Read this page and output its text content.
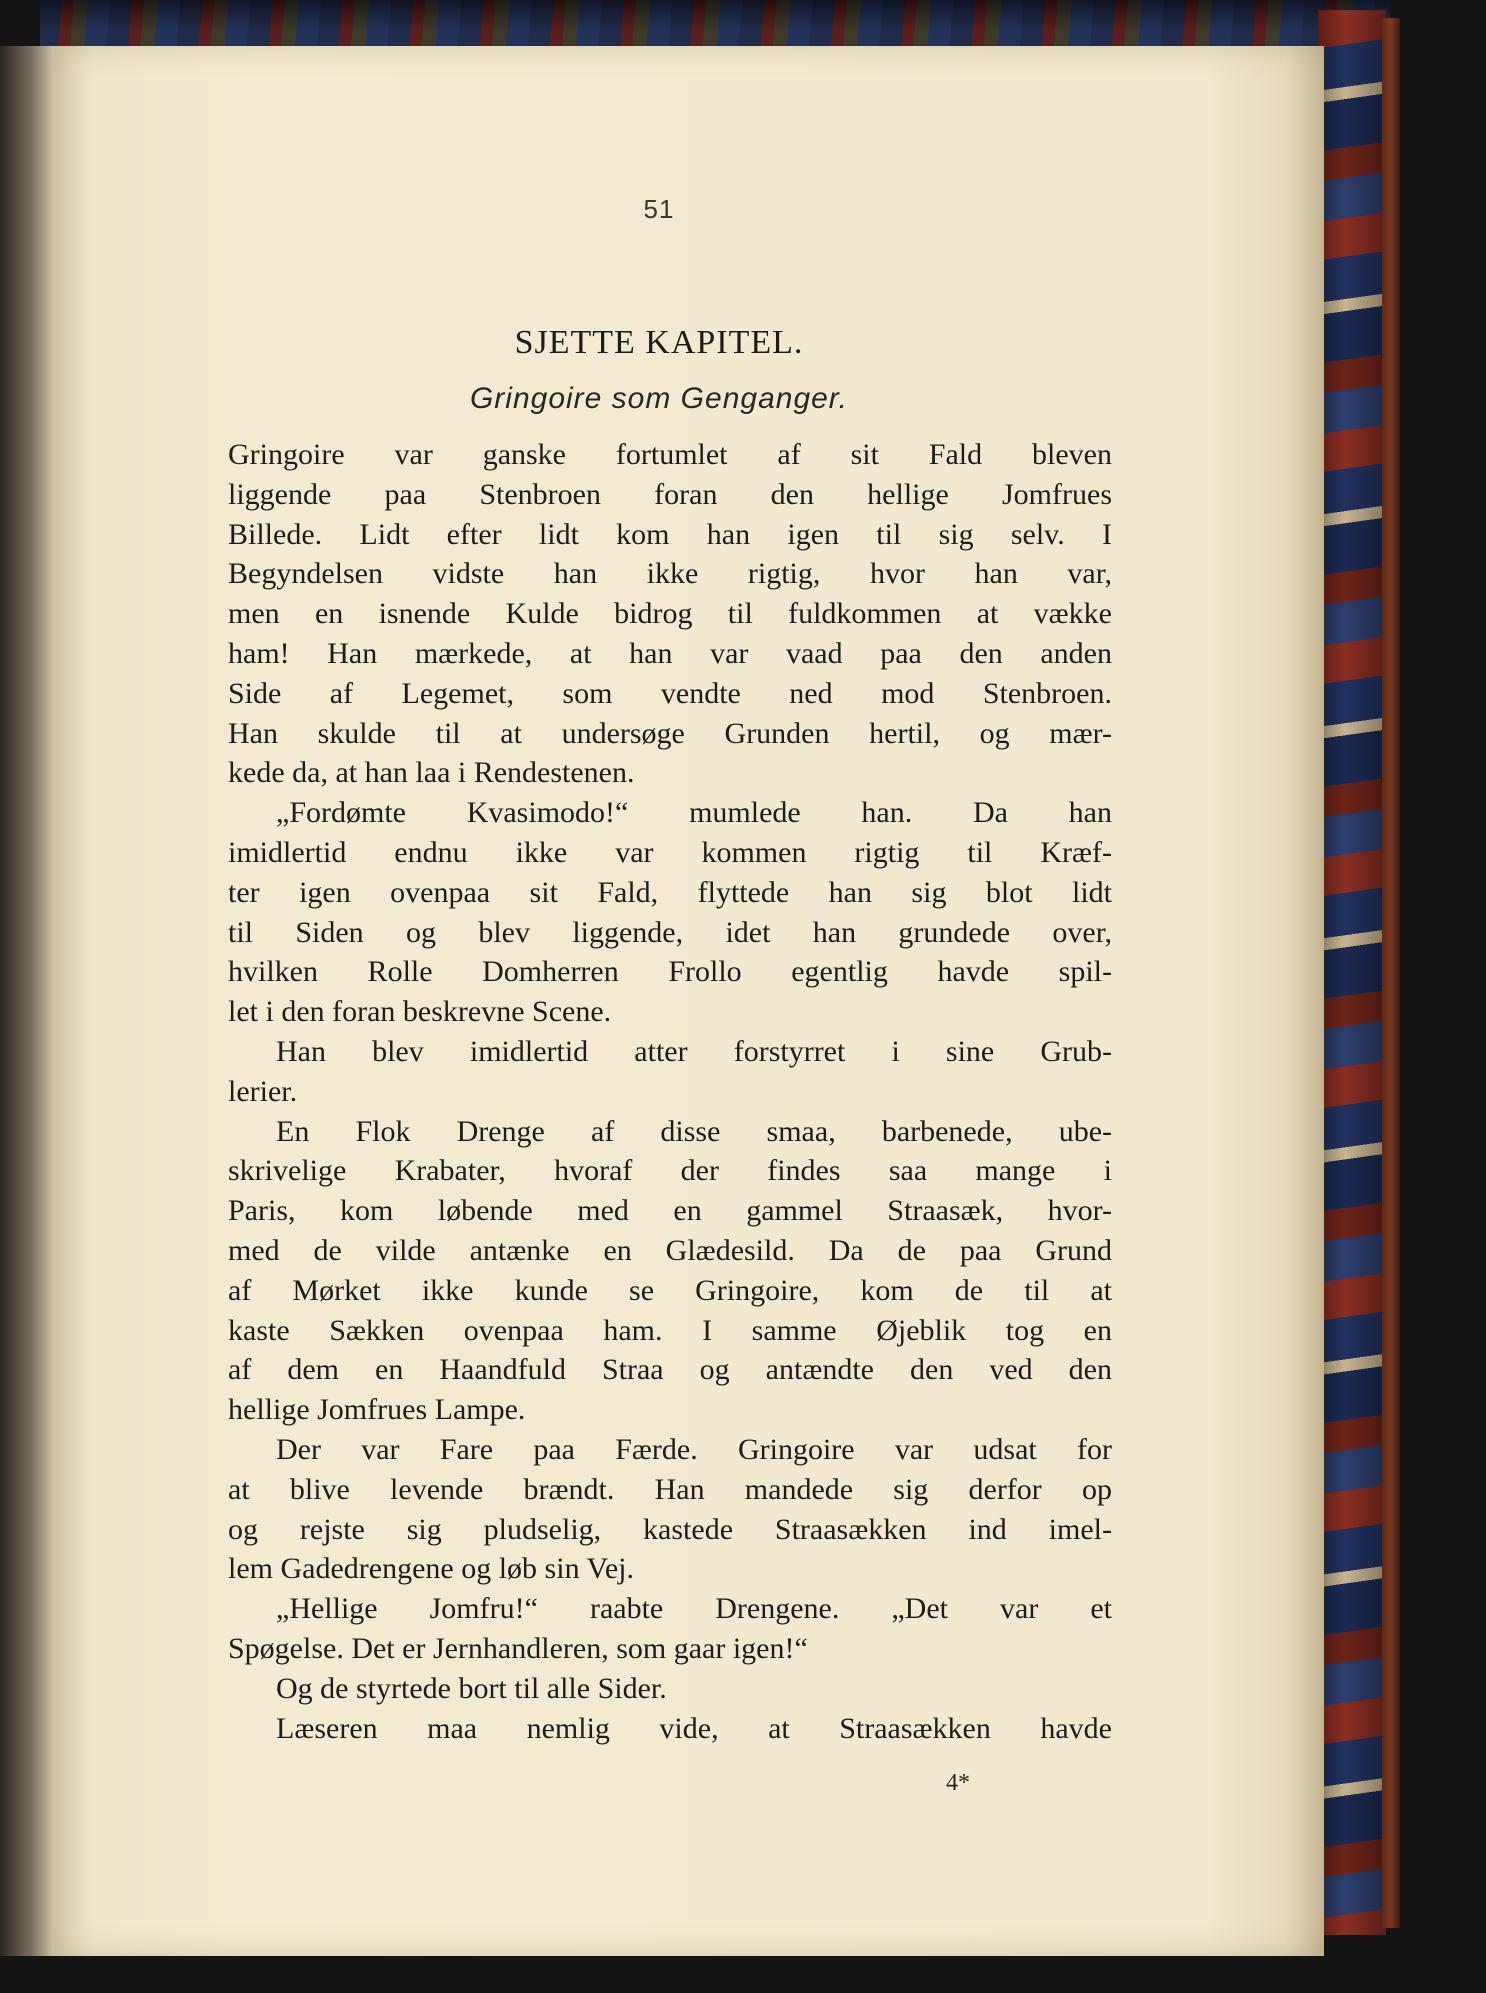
51
SJETTE KAPITEL.
Gringoire som Genganger.
Gringoire var ganske fortumlet af sit Fald bleven
liggende paa Stenbroen foran den hellige Jomfrues
Billede. Lidt efter lidt kom han igen til sig selv. I
Begyndelsen vidste han ikke rigtig, hvor han var,
men en isnende Kulde bidrog til fuldkommen at vække
ham! Han mærkede, at han var vaad paa den anden
Side af Legemet, som vendte ned mod Stenbroen.
Han skulde til at undersøge Grunden hertil, og mær-
kede da, at han laa i Rendestenen.
„Fordømte Kvasimodo!“ mumlede han. Da han
imidlertid endnu ikke var kommen rigtig til Kræf-
ter igen ovenpaa sit Fald, flyttede han sig blot lidt
til Siden og blev liggende, idet han grundede over,
hvilken Rolle Domherren Frollo egentlig havde spil-
let i den foran beskrevne Scene.
Han blev imidlertid atter forstyrret i sine Grub-
lerier.
En Flok Drenge af disse smaa, barbenede, ube-
skrivelige Krabater, hvoraf der findes saa mange i
Paris, kom løbende med en gammel Straasæk, hvor-
med de vilde antænke en Glædesild. Da de paa Grund
af Mørket ikke kunde se Gringoire, kom de til at
kaste Sækken ovenpaa ham. I samme Øjeblik tog en
af dem en Haandfuld Straa og antændte den ved den
hellige Jomfrues Lampe.
Der var Fare paa Færde. Gringoire var udsat for
at blive levende brændt. Han mandede sig derfor op
og rejste sig pludselig, kastede Straasækken ind imel-
lem Gadedrengene og løb sin Vej.
„Hellige Jomfru!“ raabte Drengene. „Det var et
Spøgelse. Det er Jernhandleren, som gaar igen!“
Og de styrtede bort til alle Sider.
Læseren maa nemlig vide, at Straasækken havde
4*
